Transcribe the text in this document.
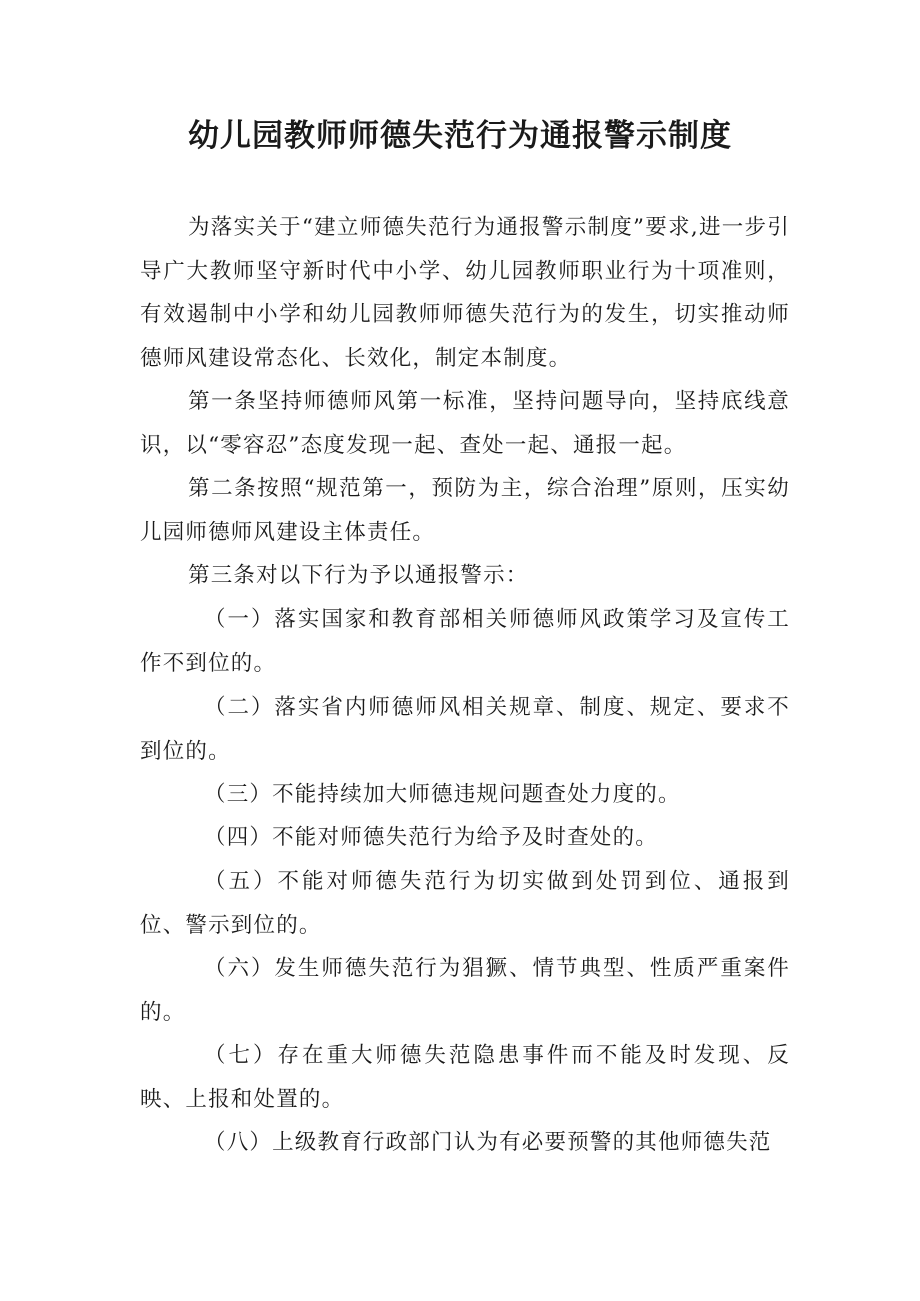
幼儿园教师师德失范行为通报警示制度

为落实关于“建立师德失范行为通报警示制度”要求,进一步引导广大教师坚守新时代中小学、幼儿园教师职业行为十项准则，有效遏制中小学和幼儿园教师师德失范行为的发生，切实推动师德师风建设常态化、长效化，制定本制度。

第一条坚持师德师风第一标准，坚持问题导向，坚持底线意识，以“零容忍”态度发现一起、查处一起、通报一起。

第二条按照“规范第一，预防为主，综合治理”原则，压实幼儿园师德师风建设主体责任。

第三条对以下行为予以通报警示：

（一）落实国家和教育部相关师德师风政策学习及宣传工作不到位的。

（二）落实省内师德师风相关规章、制度、规定、要求不到位的。

（三）不能持续加大师德违规问题查处力度的。

（四）不能对师德失范行为给予及时查处的。

（五）不能对师德失范行为切实做到处罚到位、通报到位、警示到位的。

（六）发生师德失范行为猖獗、情节典型、性质严重案件的。

（七）存在重大师德失范隐患事件而不能及时发现、反映、上报和处置的。

（八）上级教育行政部门认为有必要预警的其他师德失范
